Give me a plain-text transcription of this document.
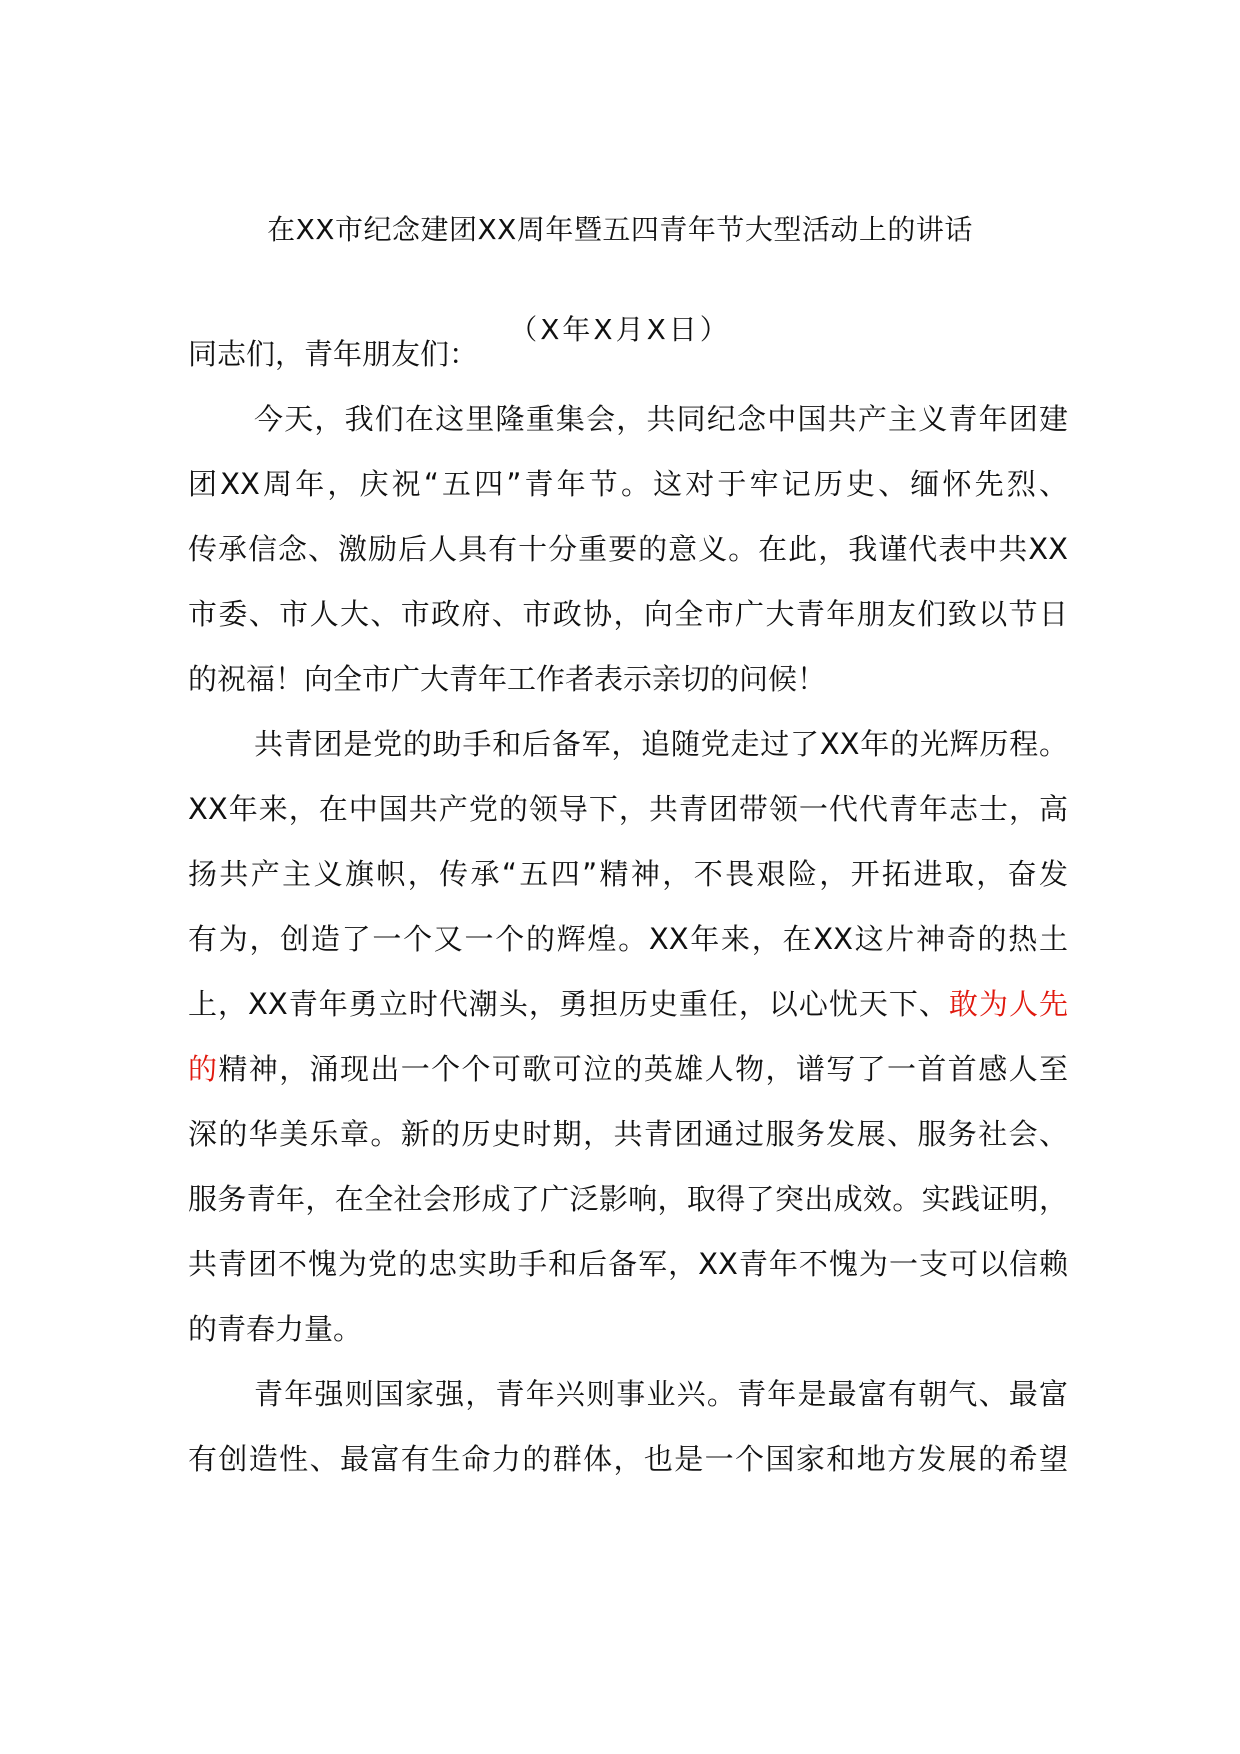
在XX市纪念建团XX周年暨五四青年节大型活动上的讲话
（X年X月X日）
同志们，青年朋友们：
今天，我们在这里隆重集会，共同纪念中国共产主义青年团建
团XX周年，庆祝“五四”青年节。这对于牢记历史、缅怀先烈、
传承信念、激励后人具有十分重要的意义。在此，我谨代表中共XX
市委、市人大、市政府、市政协，向全市广大青年朋友们致以节日
的祝福！向全市广大青年工作者表示亲切的问候！
共青团是党的助手和后备军，追随党走过了XX年的光辉历程。
XX年来，在中国共产党的领导下，共青团带领一代代青年志士，高
扬共产主义旗帜，传承“五四”精神，不畏艰险，开拓进取，奋发
有为，创造了一个又一个的辉煌。XX年来，在XX这片神奇的热土
上，XX青年勇立时代潮头，勇担历史重任，以心忧天下、敢为人先
的精神，涌现出一个个可歌可泣的英雄人物，谱写了一首首感人至
深的华美乐章。新的历史时期，共青团通过服务发展、服务社会、
服务青年，在全社会形成了广泛影响，取得了突出成效。实践证明，
共青团不愧为党的忠实助手和后备军，XX青年不愧为一支可以信赖
的青春力量。
青年强则国家强，青年兴则事业兴。青年是最富有朝气、最富
有创造性、最富有生命力的群体，也是一个国家和地方发展的希望
